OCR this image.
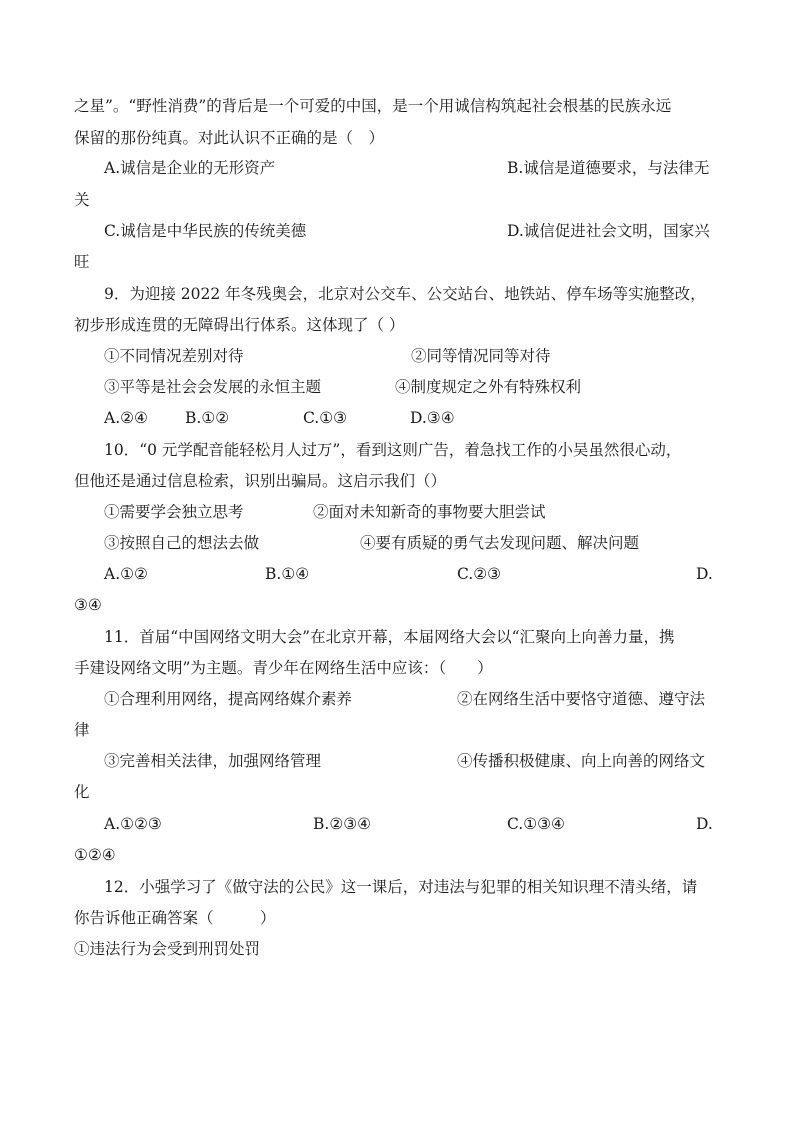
之星”。“野性消费”的背后是一个可爱的中国，是一个用诚信构筑起社会根基的民族永远
保留的那份纯真。对此认识不正确的是（　）
A.诚信是企业的无形资产	B.诚信是道德要求，与法律无
关
C.诚信是中华民族的传统美德	D.诚信促进社会文明，国家兴
旺
9．为迎接 2022 年冬残奥会，北京对公交车、公交站台、地铁站、停车场等实施整改，
初步形成连贯的无障碍出行体系。这体现了（ ）
①不同情况差别对待	②同等情况同等对待
③平等是社会会发展的永恒主题	④制度规定之外有特殊权利
A.②④ B.①②	C.①③	D.③④
10．“0 元学配音能轻松月人过万”，看到这则广告，着急找工作的小吴虽然很心动，
但他还是通过信息检索，识别出骗局。这启示我们（）
①需要学会独立思考	②面对未知新奇的事物要大胆尝试
③按照自己的想法去做	④要有质疑的勇气去发现问题、解决问题
A.①②	B.①④	C.②③	D.
③④
11．首届“中国网络文明大会”在北京开幕，本届网络大会以“汇聚向上向善力量，携
手建设网络文明”为主题。青少年在网络生活中应该：（　　）
①合理利用网络，提高网络媒介素养	②在网络生活中要恪守道德、遵守法
律
③完善相关法律，加强网络管理	④传播积极健康、向上向善的网络文
化
A.①②③	B.②③④	C.①③④	D.
①②④
12．小强学习了《做守法的公民》这一课后，对违法与犯罪的相关知识理不清头绪，请
你告诉他正确答案（　　　）
①违法行为会受到刑罚处罚
